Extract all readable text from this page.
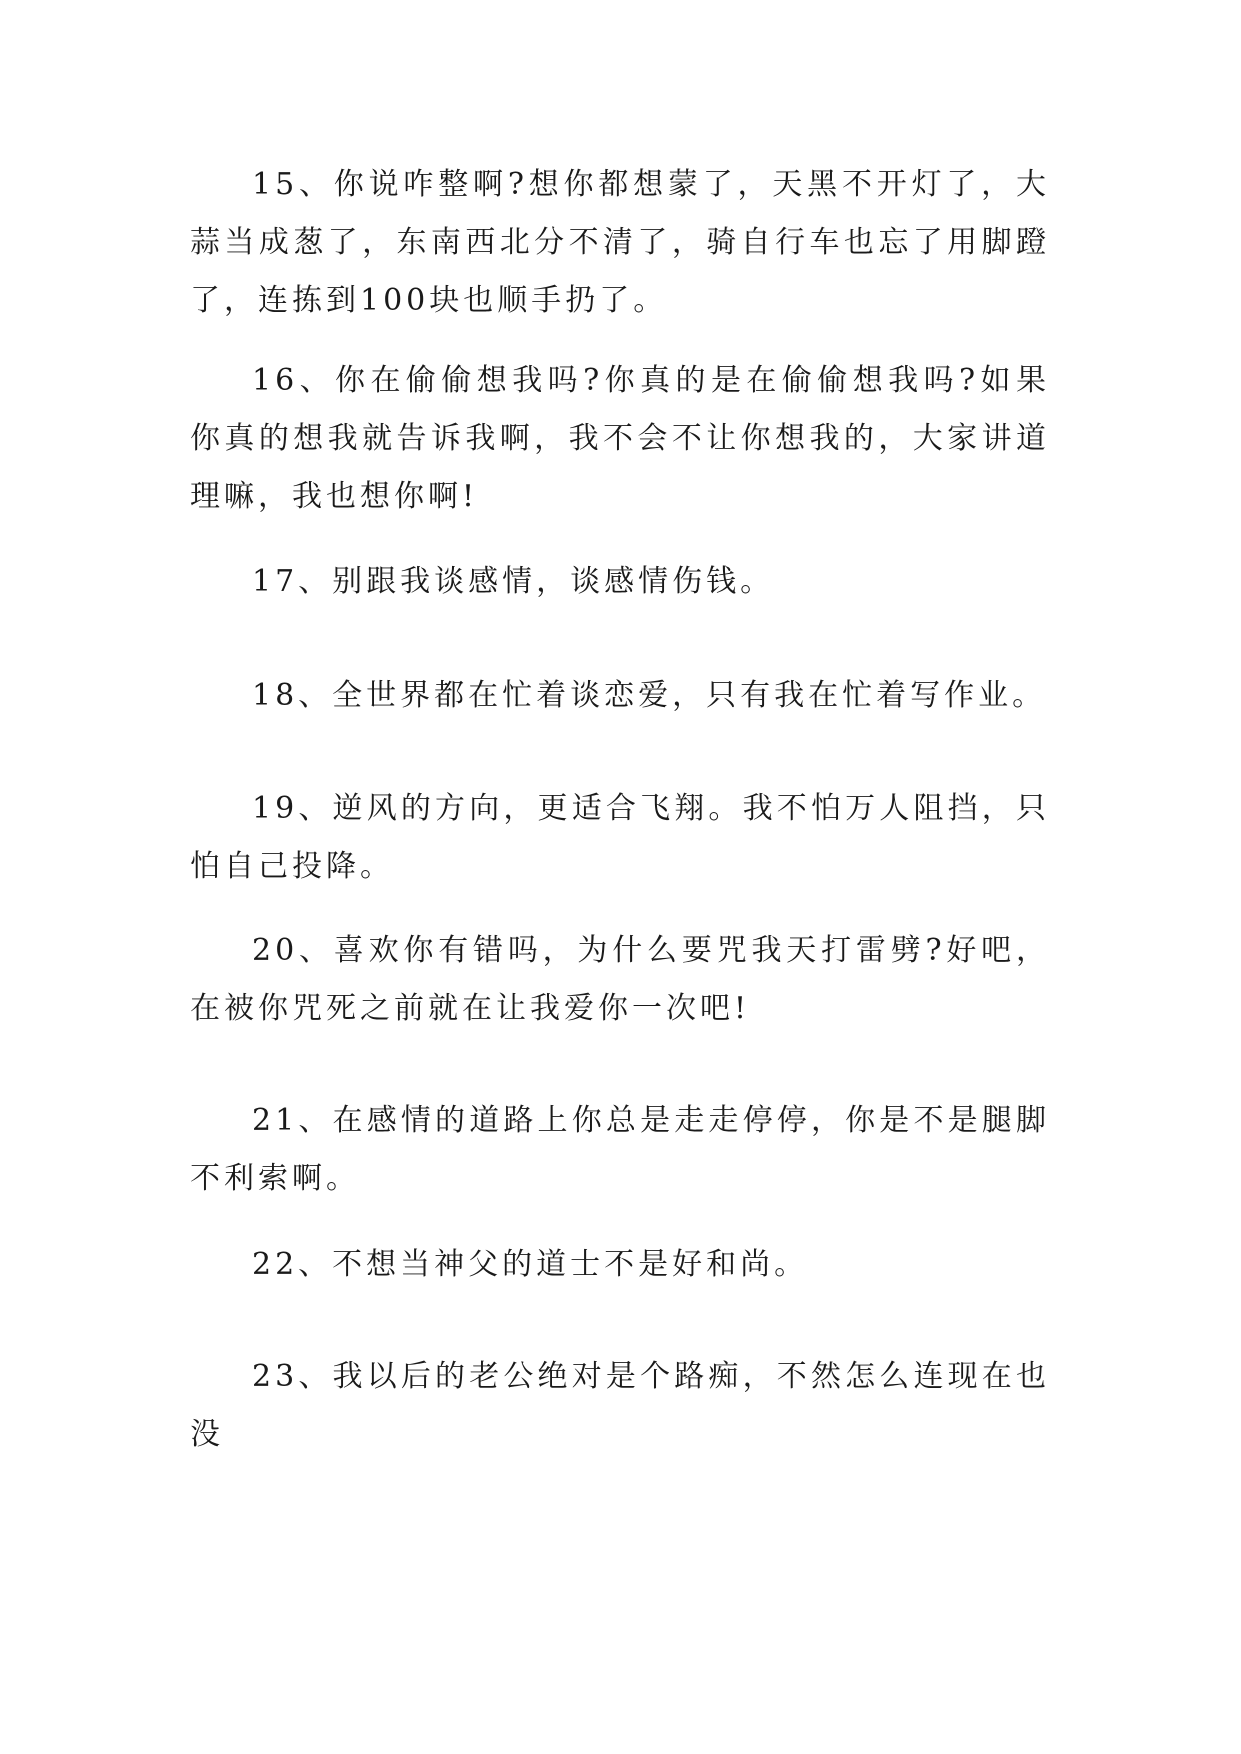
15、你说咋整啊?想你都想蒙了，天黑不开灯了，大蒜当成葱了，东南西北分不清了，骑自行车也忘了用脚蹬了，连拣到100块也顺手扔了。

16、你在偷偷想我吗?你真的是在偷偷想我吗?如果你真的想我就告诉我啊，我不会不让你想我的，大家讲道理嘛，我也想你啊!

17、别跟我谈感情，谈感情伤钱。

18、全世界都在忙着谈恋爱，只有我在忙着写作业。

19、逆风的方向，更适合飞翔。我不怕万人阻挡，只怕自己投降。

20、喜欢你有错吗，为什么要咒我天打雷劈?好吧，在被你咒死之前就在让我爱你一次吧!

21、在感情的道路上你总是走走停停，你是不是腿脚不利索啊。

22、不想当神父的道士不是好和尚。

23、我以后的老公绝对是个路痴，不然怎么连现在也没
